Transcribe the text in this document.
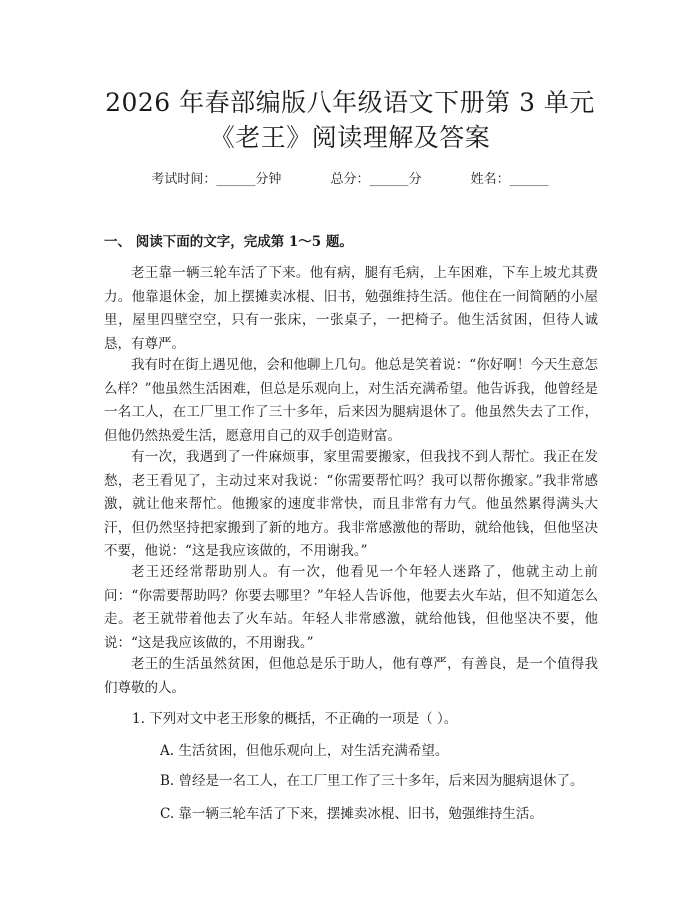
2026 年春部编版八年级语文下册第 3 单元
《老王》阅读理解及答案
考试时间：______分钟	总分：______分	姓名：______
一、 阅读下面的文字，完成第 1～5 题。

老王靠一辆三轮车活了下来。他有病，腿有毛病，上车困难，下车上坡尤其费力。他靠退休金，加上摆摊卖冰棍、旧书，勉强维持生活。他住在一间简陋的小屋里，屋里四壁空空，只有一张床，一张桌子，一把椅子。他生活贫困，但待人诚恳，有尊严。

我有时在街上遇见他，会和他聊上几句。他总是笑着说：“你好啊！今天生意怎么样？”他虽然生活困难，但总是乐观向上，对生活充满希望。他告诉我，他曾经是一名工人，在工厂里工作了三十多年，后来因为腿病退休了。他虽然失去了工作，但他仍然热爱生活，愿意用自己的双手创造财富。

有一次，我遇到了一件麻烦事，家里需要搬家，但我找不到人帮忙。我正在发愁，老王看见了，主动过来对我说：“你需要帮忙吗？我可以帮你搬家。”我非常感激，就让他来帮忙。他搬家的速度非常快，而且非常有力气。他虽然累得满头大汗，但仍然坚持把家搬到了新的地方。我非常感激他的帮助，就给他钱，但他坚决不要，他说：“这是我应该做的，不用谢我。”

老王还经常帮助别人。有一次，他看见一个年轻人迷路了，他就主动上前问：“你需要帮助吗？你要去哪里？”年轻人告诉他，他要去火车站，但不知道怎么走。老王就带着他去了火车站。年轻人非常感激，就给他钱，但他坚决不要，他说：“这是我应该做的，不用谢我。”

老王的生活虽然贫困，但他总是乐于助人，他有尊严，有善良，是一个值得我们尊敬的人。

1. 下列对文中老王形象的概括，不正确的一项是（ ）。
A. 生活贫困，但他乐观向上，对生活充满希望。
B. 曾经是一名工人，在工厂里工作了三十多年，后来因为腿病退休了。
C. 靠一辆三轮车活了下来，摆摊卖冰棍、旧书，勉强维持生活。
